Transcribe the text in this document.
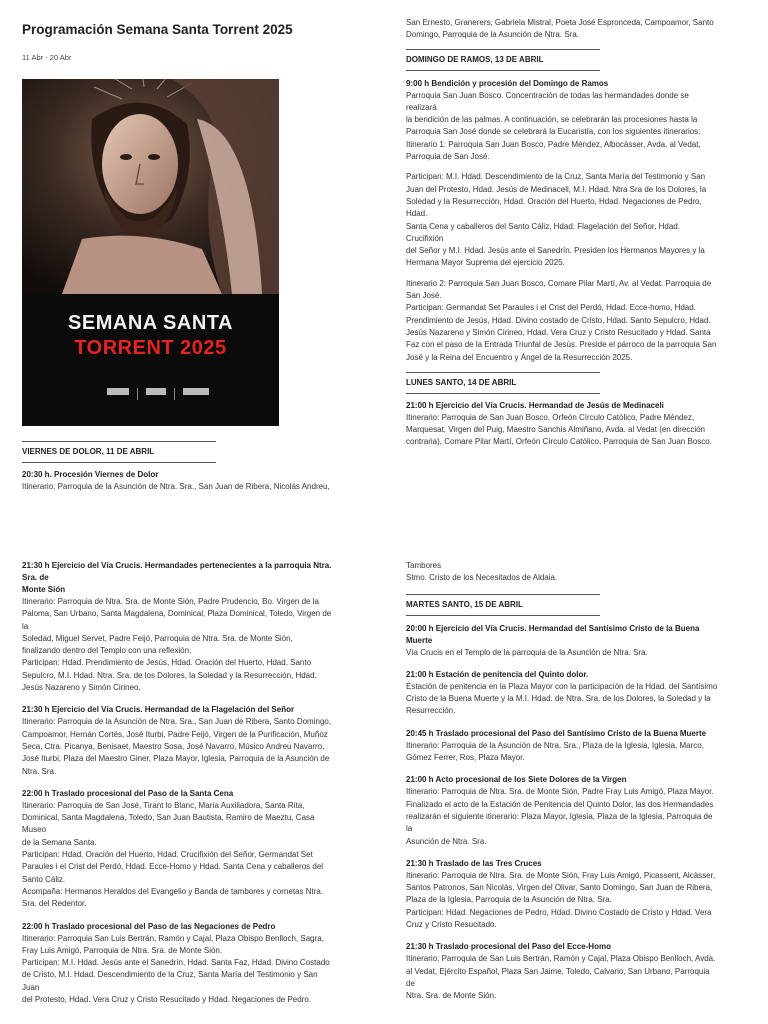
Programación Semana Santa Torrent 2025
11 Abr - 20 Abr
SEMANA SANTA
TORRENT 2025
VIERNES DE DOLOR, 11 DE ABRIL
20:30 h. Procesión Viernes de Dolor
Itinerario: Parroquia de la Asunción de Ntra. Sra., San Juan de Ribera, Nicolás Andreu,
San Ernesto, Granerers, Gabriela Mistral, Poeta José Espronceda, Campoamor, Santo
Domingo, Parroquia de la Asunción de Ntra. Sra.
DOMINGO DE RAMOS, 13 DE ABRIL
9:00 h Bendición y procesión del Domingo de Ramos
Parroquia San Juan Bosco. Concentración de todas las hermandades donde se
realizará
la bendición de las palmas. A continuación, se celebrarán las procesiones hasta la
Parroquia San José donde se celebrará la Eucaristía, con los siguientes itinerarios:
Itinerario 1: Parroquia San Juan Bosco, Padre Méndez, Albocàsser, Avda. al Vedat,
Parroquia de San José.
Participan: M.I. Hdad. Descendimiento de la Cruz, Santa María del Testimonio y San
Juan del Protesto, Hdad. Jesús de Medinaceli, M.I. Hdad. Ntra Sra de los Dolores, la
Soledad y la Resurrección, Hdad. Oración del Huerto, Hdad. Negaciones de Pedro,
Hdad.
Santa Cena y caballeros del Santo Cáliz, Hdad. Flagelación del Señor, Hdad.
Crucifixión
del Señor y M.I. Hdad. Jesús ante el Sanedrín. Presiden los Hermanos Mayores y la
Hermana Mayor Suprema del ejercicio 2025.
Itinerario 2: Parroquia San Juan Bosco, Comare Pilar Martí, Av. al Vedat. Parroquia de
San José.
Participan: Germandat Set Paraules i el Crist del Perdó, Hdad. Ecce-homo, Hdad.
Prendimiento de Jesús, Hdad. Divino costado de Cristo, Hdad. Santo Sepulcro, Hdad.
Jesús Nazareno y Simón Cirineo, Hdad. Vera Cruz y Cristo Resucitado y Hdad. Santa
Faz con el paso de la Entrada Triunfal de Jesús. Preside el párroco de la parroquia San
José y la Reina del Encuentro y Ángel de la Resurrección 2025.
LUNES SANTO, 14 DE ABRIL
21:00 h Ejercicio del Vía Crucis. Hermandad de Jesús de Medinaceli
Itinerario: Parroquia de San Juan Bosco, Orfeón Círculo Católico, Padre Méndez,
Marquesat, Virgen del Puig, Maestro Sanchis Almiñano, Avda. al Vedat (en dirección
contraria), Comare Pilar Martí, Orfeón Círculo Católico, Parroquia de San Juan Bosco.
21:30 h Ejercicio del Vía Crucis. Hermandades pertenecientes a la parroquia Ntra.
Sra. de
Monte Sión
Itinerario: Parroquia de Ntra. Sra. de Monte Sión, Padre Prudencio, Bo. Virgen de la
Paloma, San Urbano, Santa Magdalena, Dominical, Plaza Dominical, Toledo, Virgen de
la
Soledad, Miguel Servet, Padre Feijó, Parroquia de Ntra. Sra. de Monte Sión,
finalizando dentro del Templo con una reflexión.
Participan: Hdad. Prendimiento de Jesús, Hdad. Oración del Huerto, Hdad. Santo
Sepulcro, M.I. Hdad. Ntra. Sra. de los Dolores, la Soledad y la Resurrección, Hdad.
Jesús Nazareno y Simón Cirineo.
21:30 h Ejercicio del Vía Crucis. Hermandad de la Flagelación del Señor
Itinerario: Parroquia de la Asunción de Ntra. Sra., San Juan de Ribera, Santo Domingo,
Campoamor, Hernán Cortés, José Iturbi, Padre Feijó, Virgen de la Purificación, Muñoz
Seca, Ctra. Picanya, Benisaet, Maestro Sosa, José Navarro, Músico Andreu Navarro,
José Iturbi, Plaza del Maestro Giner, Plaza Mayor, Iglesia, Parroquia de la Asunción de
Ntra. Sra.
22:00 h Traslado procesional del Paso de la Santa Cena
Itinerario: Parroquia de San José, Tirant lo Blanc, María Auxiliadora, Santa Rita,
Dominical, Santa Magdalena, Toledo, San Juan Bautista, Ramiro de Maeztu, Casa
Museo
de la Semana Santa.
Participan: Hdad. Oración del Huerto, Hdad. Crucifixión del Señor, Germandat Set
Paraules i el Crist del Perdó, Hdad. Ecce-Homo y Hdad. Santa Cena y caballeros del
Santo Cáliz.
Acompaña: Hermanos Heraldos del Evangelio y Banda de tambores y cornetas Ntra.
Sra. del Redentor.
22:00 h Traslado procesional del Paso de las Negaciones de Pedro
Itinerario: Parroquia San Luis Bertrán, Ramón y Cajal, Plaza Obispo Benlloch, Sagra,
Fray Luis Amigó, Parroquia de Ntra. Sra. de Monte Sión.
Participan: M.I. Hdad. Jesús ante el Sanedrín, Hdad. Santa Faz, Hdad. Divino Costado
de Cristo, M.I. Hdad. Descendimiento de la Cruz, Santa María del Testimonio y San
Juan
del Protesto, Hdad. Vera Cruz y Cristo Resucitado y Hdad. Negaciones de Pedro.
Tambores
Stmo. Cristo de los Necesitados de Aldaia.
MARTES SANTO, 15 DE ABRIL
20:00 h Ejercicio del Vía Crucis. Hermandad del Santísimo Cristo de la Buena
Muerte
Vía Crucis en el Templo de la parroquia de la Asunción de Ntra. Sra.
21:00 h Estación de penitencia del Quinto dolor.
Estación de penitencia en la Plaza Mayor con la participación de la Hdad. del Santísimo
Cristo de la Buena Muerte y la M.I. Hdad. de Ntra. Sra. de los Dolores, la Soledad y la
Resurrección.
20:45 h Traslado procesional del Paso del Santísimo Cristo de la Buena Muerte
Itinerario: Parroquia de la Asunción de Ntra. Sra., Plaza de la Iglesia, Iglesia, Marco,
Gómez Ferrer, Ros, Plaza Mayor.
21:00 h Acto procesional de los Siete Dolores de la Virgen
Itinerario: Parroquia de Ntra. Sra. de Monte Sión, Padre Fray Luis Amigó, Plaza Mayor.
Finalizado el acto de la Estación de Penitencia del Quinto Dolor, las dos Hermandades
realizarán el siguiente itinerario: Plaza Mayor, Iglesia, Plaza de la Iglesia, Parroquia de
la
Asunción de Ntra. Sra.
21:30 h Traslado de las Tres Cruces
Itinerario: Parroquia de Ntra. Sra. de Monte Sión, Fray Luis Amigó, Picassent, Alcàsser,
Santos Patronos, San Nicolás, Virgen del Olivar, Santo Domingo, San Juan de Ribera,
Plaza de la Iglesia, Parroquia de la Asunción de Ntra. Sra.
Participan: Hdad. Negaciones de Pedro, Hdad. Divino Costado de Cristo y Hdad. Vera
Cruz y Cristo Resucitado.
21:30 h Traslado procesional del Paso del Ecce-Homo
Itinerario: Parroquia de San Luis Bertrán, Ramón y Cajal, Plaza Obispo Benlloch, Avda.
al Vedat, Ejército Español, Plaza San Jaime, Toledo, Calvario, San Urbano, Parroquia
de
Ntra. Sra. de Monte Sión.
